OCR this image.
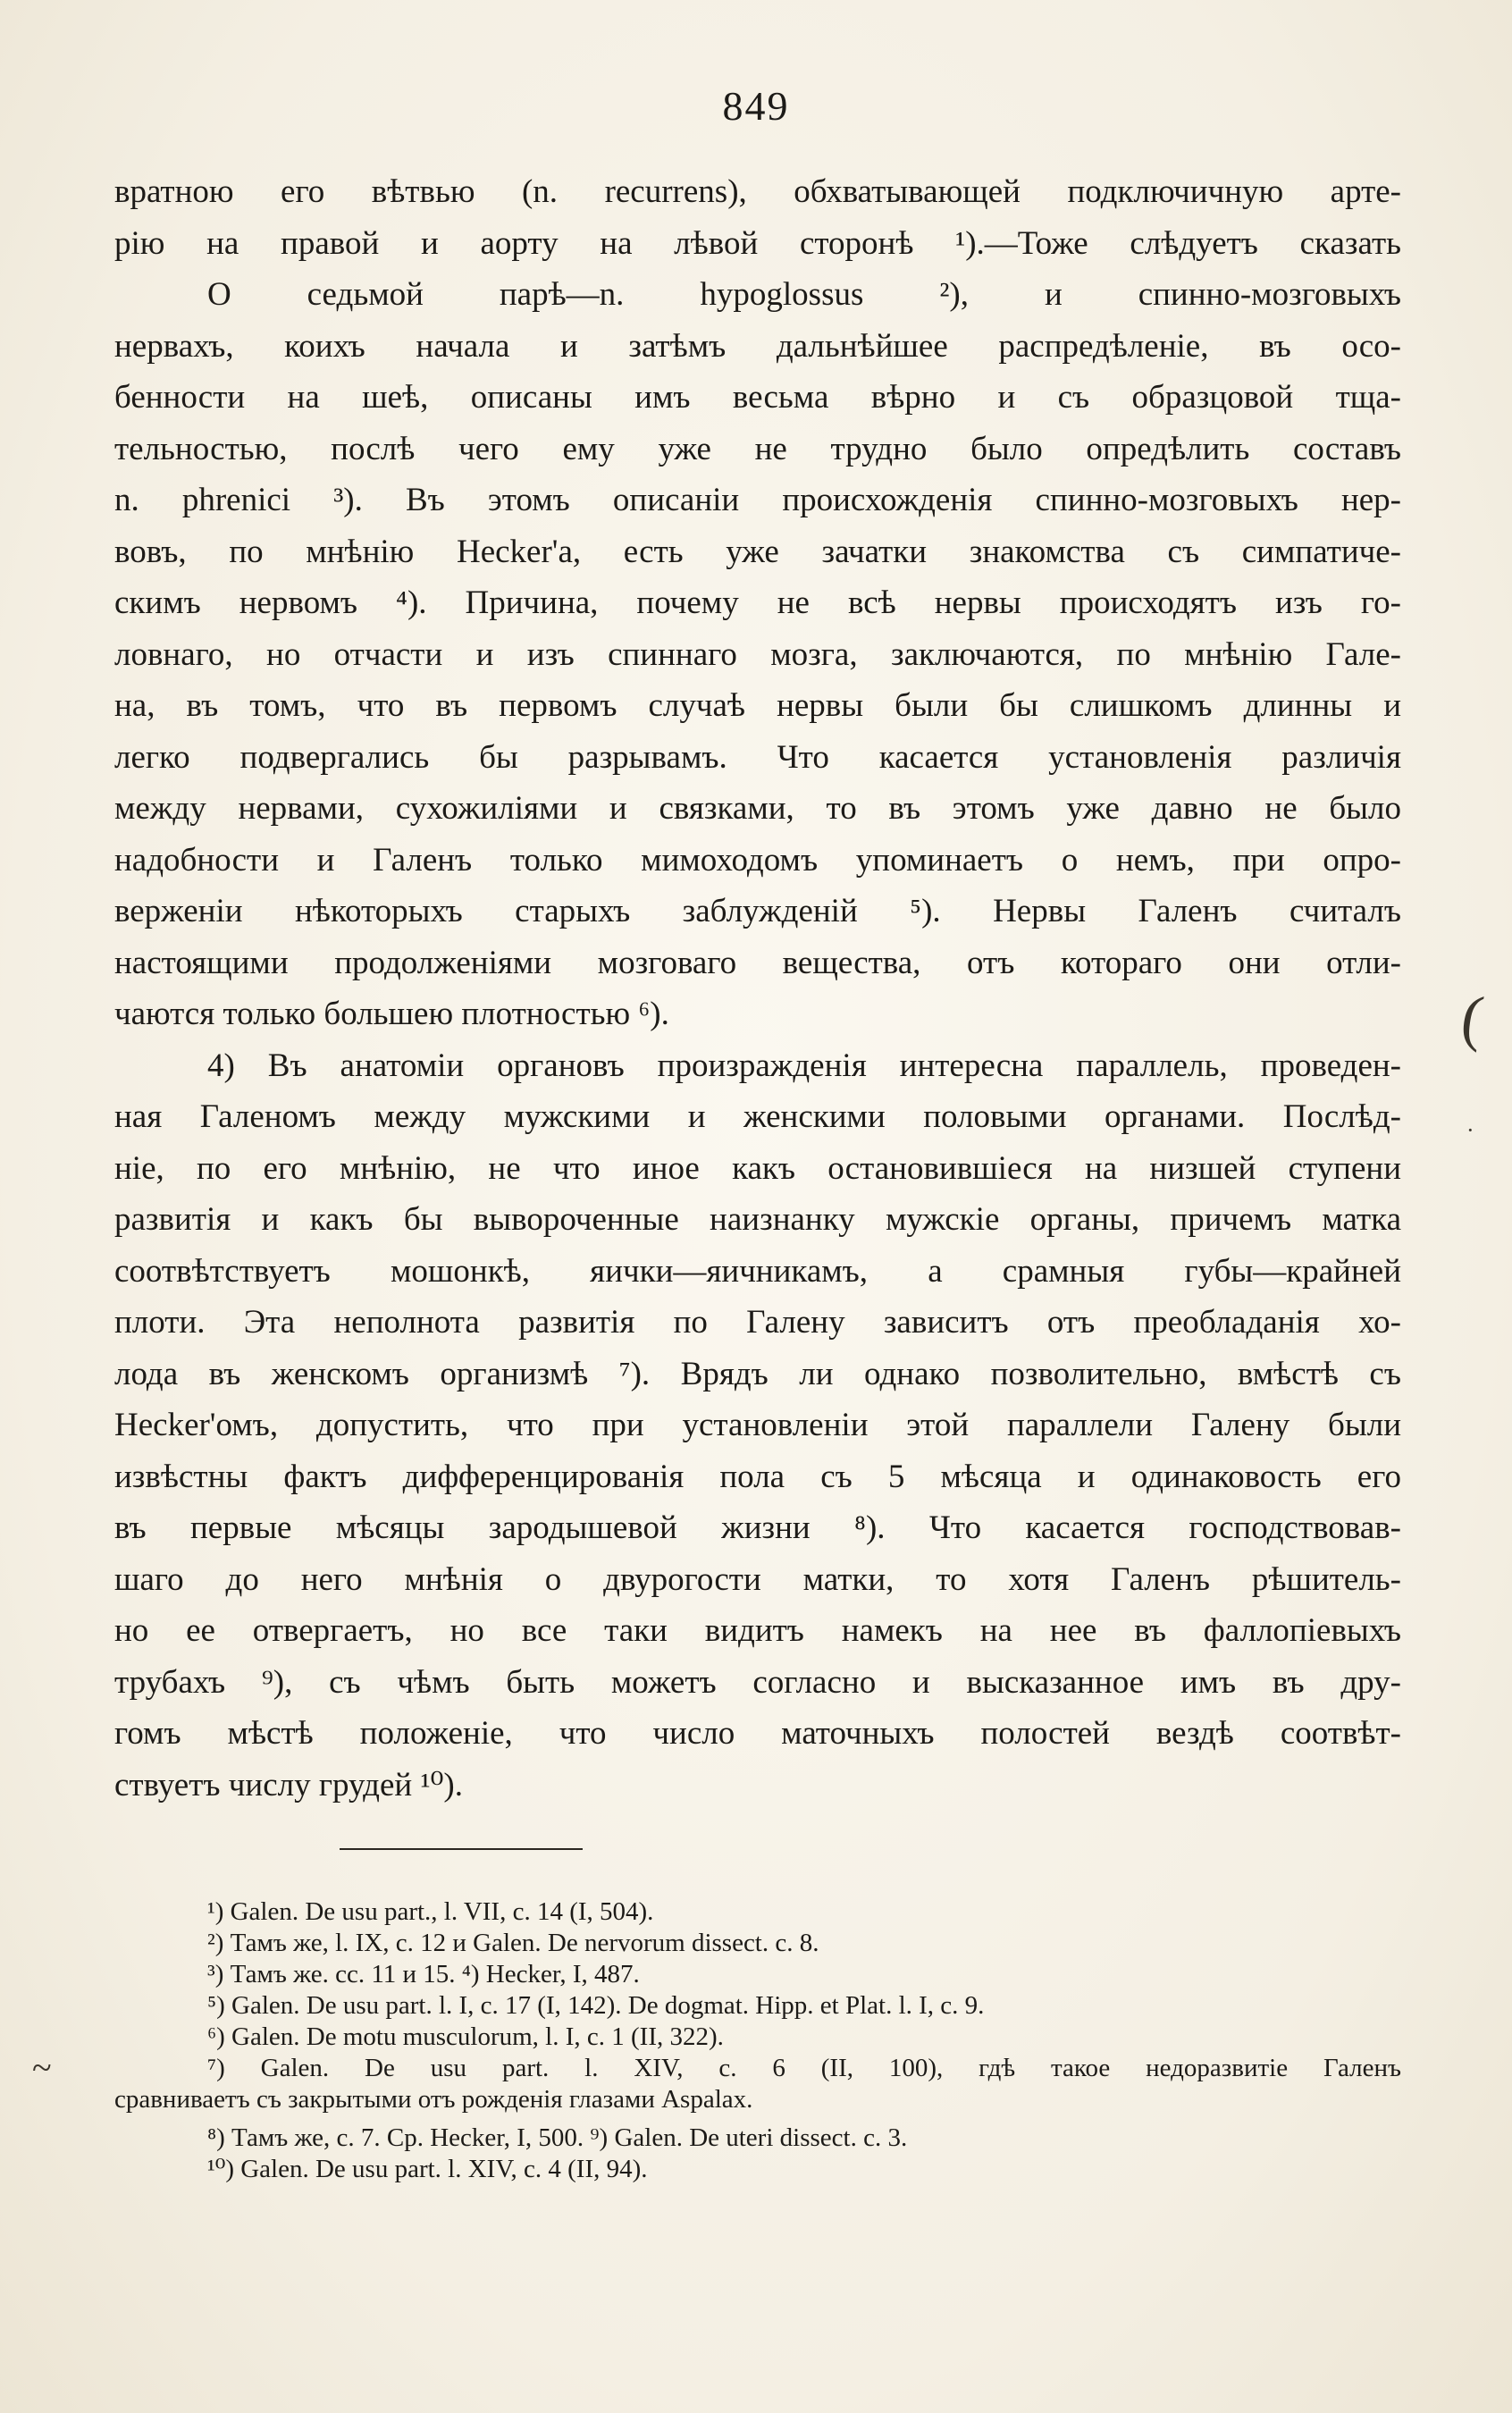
849
вратною его вѣтвью (n. recurrens), обхватывающей подключичную арте-
рію на правой и аорту на лѣвой сторонѣ ¹).—Тоже слѣдуетъ сказать
О седьмой парѣ—n. hypoglossus ²), и спинно-мозговыхъ
нервахъ, коихъ начала и затѣмъ дальнѣйшее распредѣленіе, въ осо-
бенности на шеѣ, описаны имъ весьма вѣрно и съ образцовой тща-
тельностью, послѣ чего ему уже не трудно было опредѣлить составъ
n. phrenici ³). Въ этомъ описаніи происхожденія спинно-мозговыхъ нер-
вовъ, по мнѣнію Hecker'а, есть уже зачатки знакомства съ симпатиче-
скимъ нервомъ ⁴). Причина, почему не всѣ нервы происходятъ изъ го-
ловнаго, но отчасти и изъ спиннаго мозга, заключаются, по мнѣнію Гале-
на, въ томъ, что въ первомъ случаѣ нервы были бы слишкомъ длинны и
легко подвергались бы разрывамъ. Что касается установленія различія
между нервами, сухожиліями и связками, то въ этомъ уже давно не было
надобности и Галенъ только мимоходомъ упоминаетъ о немъ, при опро-
верженіи нѣкоторыхъ старыхъ заблужденій ⁵). Нервы Галенъ считалъ
настоящими продолженіями мозговаго вещества, отъ котораго они отли-
чаются только большею плотностью ⁶).
4) Въ анатоміи органовъ произражденія интересна параллель, проведен-
ная Галеномъ между мужскими и женскими половыми органами. Послѣд-
ніе, по его мнѣнію, не что иное какъ остановившіеся на низшей ступени
развитія и какъ бы вывороченные наизнанку мужскіе органы, причемъ матка
соотвѣтствуетъ мошонкѣ, яички—яичникамъ, а срамныя губы—крайней
плоти. Эта неполнота развитія по Галену зависитъ отъ преобладанія хо-
лода въ женскомъ организмѣ ⁷). Врядъ ли однако позволительно, вмѣстѣ съ
Hecker'омъ, допустить, что при установленіи этой параллели Галену были
извѣстны фактъ дифференцированія пола съ 5 мѣсяца и одинаковость его
въ первые мѣсяцы зародышевой жизни ⁸). Что касается господствовав-
шаго до него мнѣнія о двурогости матки, то хотя Галенъ рѣшитель-
но ее отвергаетъ, но все таки видитъ намекъ на нее въ фаллопіевыхъ
трубахъ ⁹), съ чѣмъ быть можетъ согласно и высказанное имъ въ дру-
гомъ мѣстѣ положеніе, что число маточныхъ полостей вездѣ соотвѣт-
ствуетъ числу грудей ¹⁰).
¹) Galen. De usu part., l. VII, c. 14 (I, 504).
²) Тамъ же, l. IX, c. 12 и Galen. De nervorum dissect. c. 8.
³) Тамъ же. cc. 11 и 15. ⁴) Hecker, I, 487.
⁵) Galen. De usu part. l. I, c. 17 (I, 142). De dogmat. Hipp. et Plat. l. I, c. 9.
⁶) Galen. De motu musculorum, l. I, c. 1 (II, 322).
⁷) Galen. De usu part. l. XIV, c. 6 (II, 100), гдѣ такое недоразвитіе Галенъ
сравниваетъ съ закрытыми отъ рожденія глазами Aspalax.
⁸) Тамъ же, c. 7. Ср. Hecker, I, 500. ⁹) Galen. De uteri dissect. c. 3.
¹⁰) Galen. De usu part. l. XIV, c. 4 (II, 94).
(
·
~
